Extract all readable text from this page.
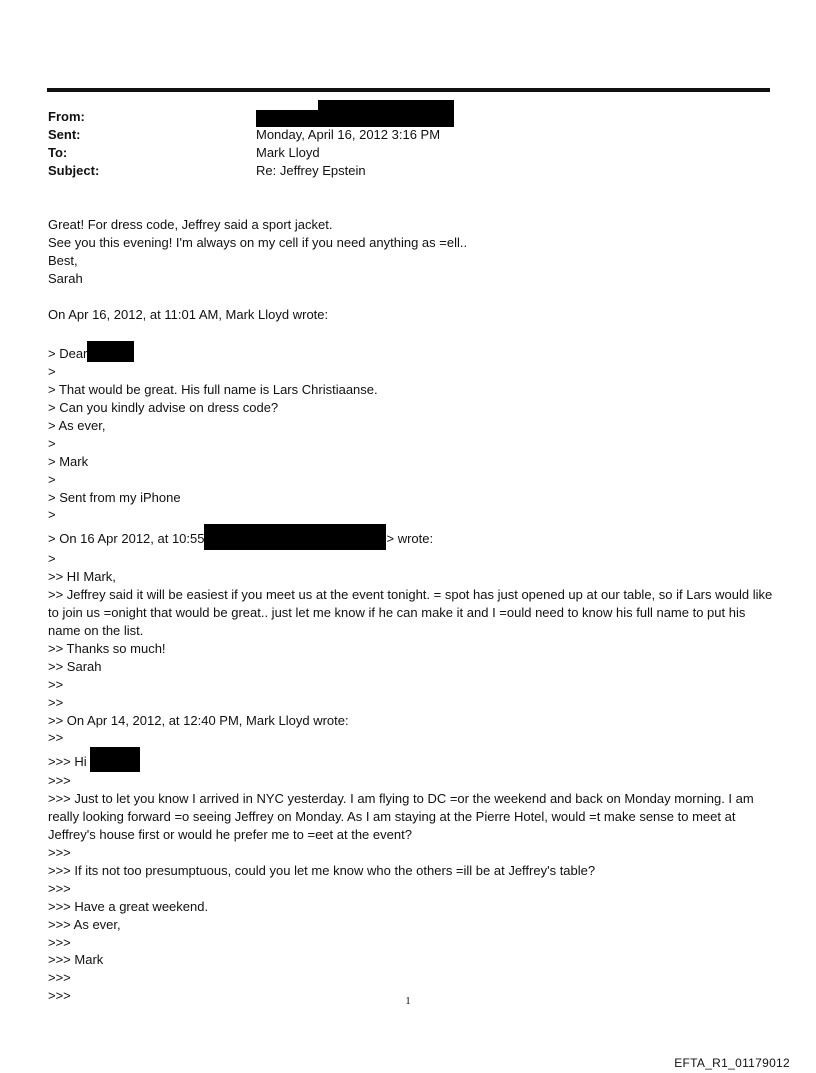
From:
Sent:	Monday, April 16, 2012 3:16 PM
To:	Mark Lloyd
Subject:	Re: Jeffrey Epstein

Great! For dress code, Jeffrey said a sport jacket.

See you this evening! I'm always on my cell if you need anything as =ell..

Best,

Sarah

On Apr 16, 2012, at 11:01 AM, Mark Lloyd wrote:

> Dear

>

> That would be great. His full name is Lars Christiaanse.

> Can you kindly advise on dress code?

> As ever,

>

> Mark

>

> Sent from my iPhone

>

> On 16 Apr 2012, at 10:55	> wrote:

>

>> HI Mark,

>> Jeffrey said it will be easiest if you meet us at the event tonight. = spot has just opened up at our table, so if Lars would like to join us =onight that would be great.. just let me know if he can make it and I =ould need to know his full name to put his name on the list.

>> Thanks so much!

>> Sarah

>>

>>

>> On Apr 14, 2012, at 12:40 PM, Mark Lloyd wrote:

>>

>>> Hi

>>>

>>> Just to let you know I arrived in NYC yesterday. I am flying to DC =or the weekend and back on Monday morning. I am really looking forward =o seeing Jeffrey on Monday. As I am staying at the Pierre Hotel, would =t make sense to meet at Jeffrey's house first or would he prefer me to =eet at the event?

>>>

>>> If its not too presumptuous, could you let me know who the others =ill be at Jeffrey's table?

>>>

>>> Have a great weekend.

>>> As ever,

>>>

>>> Mark

>>>

>>>	1
EFTA_R1_01179012
